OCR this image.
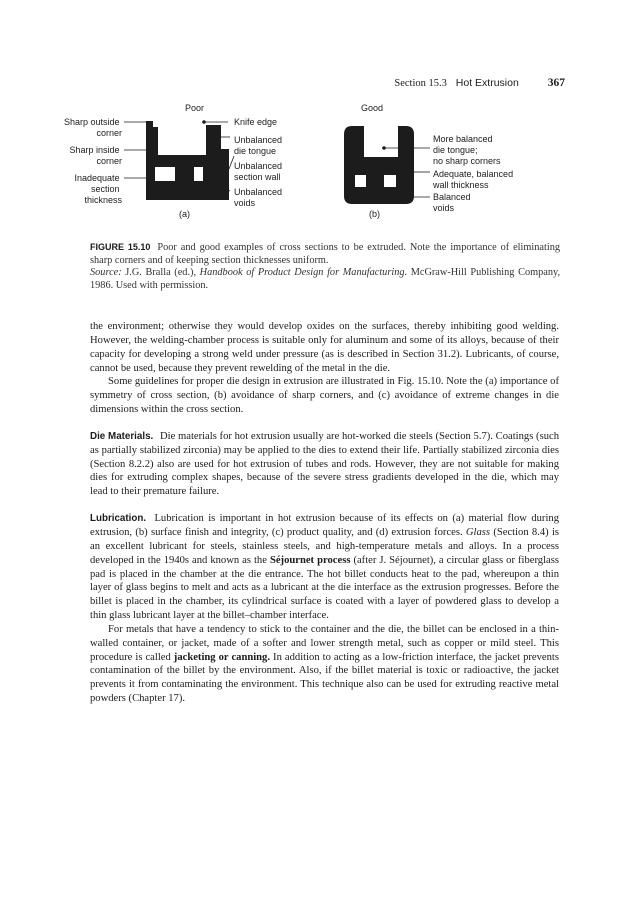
Section 15.3 Hot Extrusion	367
Poor
Sharp outside corner
Sharp inside corner
Inadequate section thickness
Knife edge
Unbalanced die tongue
Unbalanced section wall
Unbalanced voids
(a)
Good
More balanced die tongue; no sharp corners
Adequate, balanced wall thickness
Balanced voids
(b)

FIGURE 15.10 Poor and good examples of cross sections to be extruded. Note the importance of eliminating sharp corners and of keeping section thicknesses uniform.

Source: J.G. Bralla (ed.), Handbook of Product Design for Manufacturing. McGraw-Hill Publishing Company, 1986. Used with permission.

the environment; otherwise they would develop oxides on the surfaces, thereby inhibiting good welding. However, the welding-chamber process is suitable only for aluminum and some of its alloys, because of their capacity for developing a strong weld under pressure (as is described in Section 31.2). Lubricants, of course, cannot be used, because they prevent rewelding of the metal in the die.

Some guidelines for proper die design in extrusion are illustrated in Fig. 15.10. Note the (a) importance of symmetry of cross section, (b) avoidance of sharp corners, and (c) avoidance of extreme changes in die dimensions within the cross section.

Die Materials. Die materials for hot extrusion usually are hot-worked die steels (Section 5.7). Coatings (such as partially stabilized zirconia) may be applied to the dies to extend their life. Partially stabilized zirconia dies (Section 8.2.2) also are used for hot extrusion of tubes and rods. However, they are not suitable for making dies for extruding complex shapes, because of the severe stress gradients developed in the die, which may lead to their premature failure.

Lubrication. Lubrication is important in hot extrusion because of its effects on (a) material flow during extrusion, (b) surface finish and integrity, (c) product quality, and (d) extrusion forces. Glass (Section 8.4) is an excellent lubricant for steels, stainless steels, and high-temperature metals and alloys. In a process developed in the 1940s and known as the Séjournet process (after J. Séjournet), a circular glass or fiberglass pad is placed in the chamber at the die entrance. The hot billet conducts heat to the pad, whereupon a thin layer of glass begins to melt and acts as a lubricant at the die interface as the extrusion progresses. Before the billet is placed in the chamber, its cylindrical surface is coated with a layer of powdered glass to develop a thin glass lubricant layer at the billet–chamber interface.

For metals that have a tendency to stick to the container and the die, the billet can be enclosed in a thin-walled container, or jacket, made of a softer and lower strength metal, such as copper or mild steel. This procedure is called jacketing or canning. In addition to acting as a low-friction interface, the jacket prevents contamination of the billet by the environment. Also, if the billet material is toxic or radioactive, the jacket prevents it from contaminating the environment. This technique also can be used for extruding reactive metal powders (Chapter 17).
